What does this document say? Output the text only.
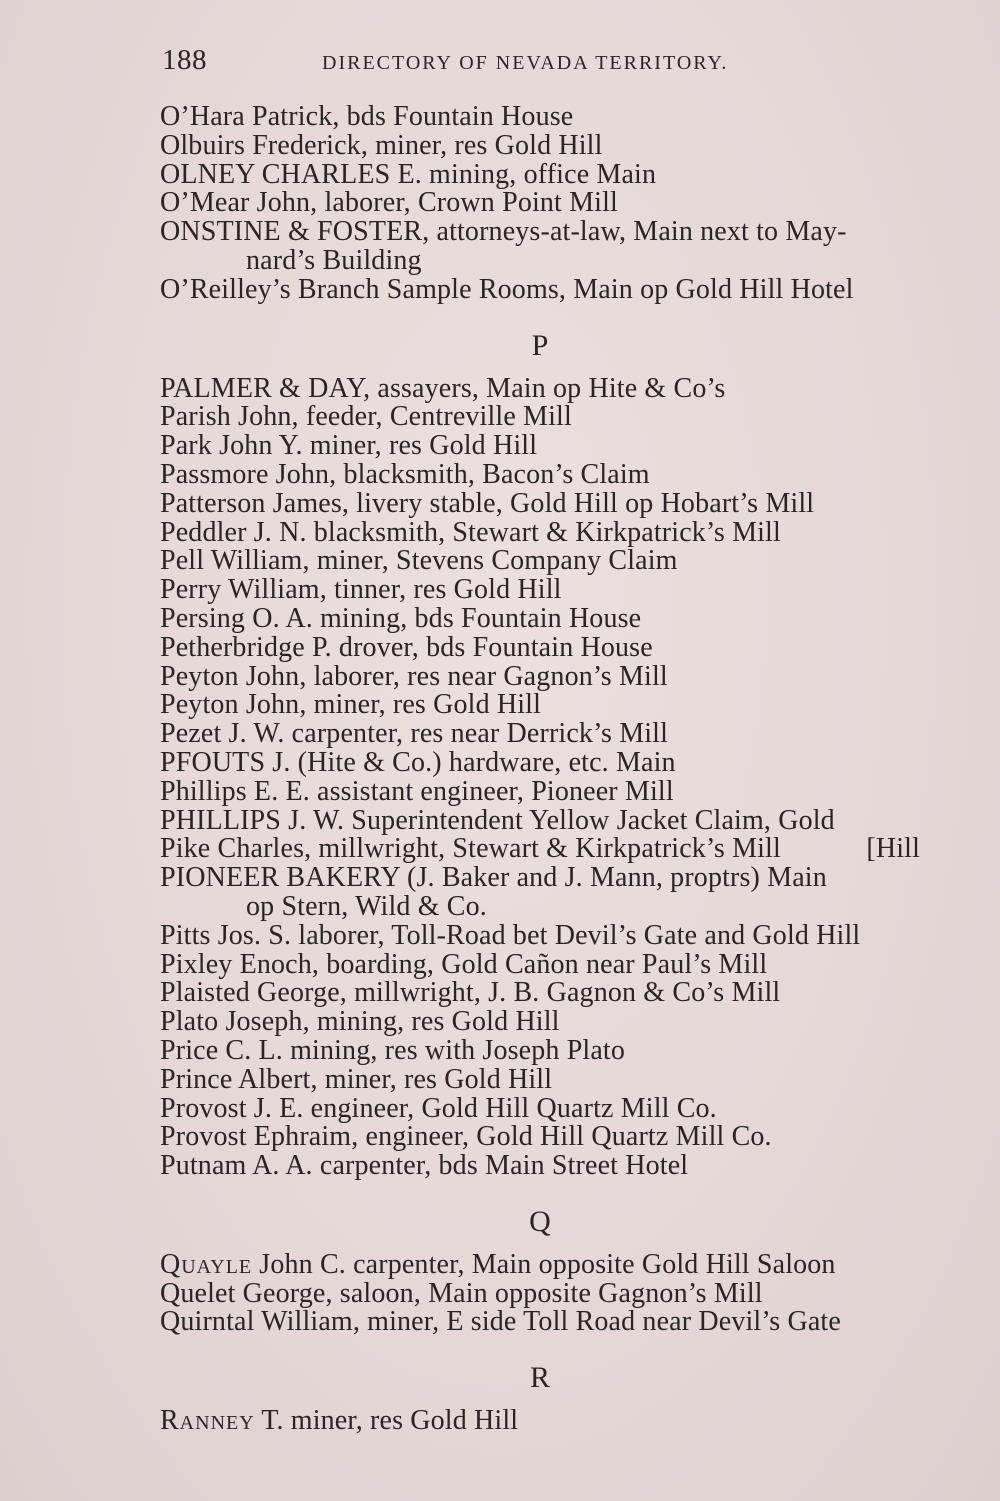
188	DIRECTORY OF NEVADA TERRITORY.
O’Hara Patrick, bds Fountain House
Olbuirs Frederick, miner, res Gold Hill
OLNEY CHARLES E. mining, office Main
O’Mear John, laborer, Crown Point Mill
ONSTINE & FOSTER, attorneys-at-law, Main next to May-
nard’s Building
O’Reilley’s Branch Sample Rooms, Main op Gold Hill Hotel
P
PALMER & DAY, assayers, Main op Hite & Co’s
Parish John, feeder, Centreville Mill
Park John Y. miner, res Gold Hill
Passmore John, blacksmith, Bacon’s Claim
Patterson James, livery stable, Gold Hill op Hobart’s Mill
Peddler J. N. blacksmith, Stewart & Kirkpatrick’s Mill
Pell William, miner, Stevens Company Claim
Perry William, tinner, res Gold Hill
Persing O. A. mining, bds Fountain House
Petherbridge P. drover, bds Fountain House
Peyton John, laborer, res near Gagnon’s Mill
Peyton John, miner, res Gold Hill
Pezet J. W. carpenter, res near Derrick’s Mill
PFOUTS J. (Hite & Co.) hardware, etc. Main
Phillips E. E. assistant engineer, Pioneer Mill
PHILLIPS J. W. Superintendent Yellow Jacket Claim, Gold
Pike Charles, millwright, Stewart & Kirkpatrick’s Mill	[Hill
PIONEER BAKERY (J. Baker and J. Mann, proptrs) Main
op Stern, Wild & Co.
Pitts Jos. S. laborer, Toll-Road bet Devil’s Gate and Gold Hill
Pixley Enoch, boarding, Gold Cañon near Paul’s Mill
Plaisted George, millwright, J. B. Gagnon & Co’s Mill
Plato Joseph, mining, res Gold Hill
Price C. L. mining, res with Joseph Plato
Prince Albert, miner, res Gold Hill
Provost J. E. engineer, Gold Hill Quartz Mill Co.
Provost Ephraim, engineer, Gold Hill Quartz Mill Co.
Putnam A. A. carpenter, bds Main Street Hotel
Q
Quayle John C. carpenter, Main opposite Gold Hill Saloon
Quelet George, saloon, Main opposite Gagnon’s Mill
Quirntal William, miner, E side Toll Road near Devil’s Gate
R
Ranney T. miner, res Gold Hill
